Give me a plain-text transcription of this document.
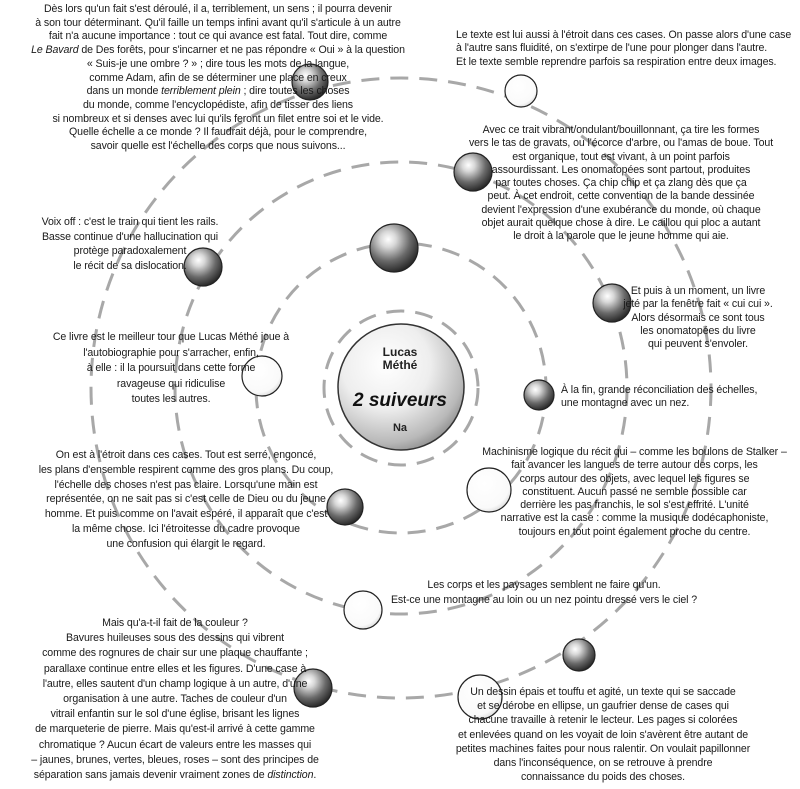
Lucas
Méthé
2 suiveurs
Na
Dès lors qu'un fait s'est déroulé, il a, terriblement, un sens ; il pourra devenir
à son tour déterminant. Qu'il faille un temps infini avant qu'il s'articule à un autre
fait n'a aucune importance : tout ce qui avance est fatal. Tout dire, comme
Le Bavard de Des forêts, pour s'incarner et ne pas répondre « Oui » à la question
« Suis-je une ombre ? » ; dire tous les mots de la langue,
comme Adam, afin de se déterminer une place en creux
dans un monde terriblement plein ; dire toutes les choses
du monde, comme l'encyclopédiste, afin de tisser des liens
si nombreux et si denses avec lui qu'ils feront un filet entre soi et le vide.
Quelle échelle a ce monde ? Il faudrait déjà, pour le comprendre,
savoir quelle est l'échelle des corps que nous suivons...
Le texte est lui aussi à l'étroit dans ces cases. On passe alors d'une case
à l'autre sans fluidité, on s'extirpe de l'une pour plonger dans l'autre.
Et le texte semble reprendre parfois sa respiration entre deux images.
Avec ce trait vibrant/ondulant/bouillonnant, ça tire les formes
vers le tas de gravats, ou l'écorce d'arbre, ou l'amas de boue. Tout
est organique, tout est vivant, à un point parfois
assourdissant. Les onomatopées sont partout, produites
par toutes choses. Ça chip chip et ça zlang dès que ça
peut. À cet endroit, cette convention de la bande dessinée
devient l'expression d'une exubérance du monde, où chaque
objet aurait quelque chose à dire. Le caillou qui ploc a autant
le droit à la parole que le jeune homme qui aie.
Voix off : c'est le train qui tient les rails.
Basse continue d'une hallucination qui
protège paradoxalement
le récit de sa dislocation.
Et puis à un moment, un livre
jeté par la fenêtre fait « cui cui ».
Alors désormais ce sont tous
les onomatopées du livre
qui peuvent s'envoler.
Ce livre est le meilleur tour que Lucas Méthé joue à
l'autobiographie pour s'arracher, enfin,
à elle : il la poursuit dans cette forme
ravageuse qui ridiculise
toutes les autres.
À la fin, grande réconciliation des échelles,
une montagne avec un nez.
On est à l'étroit dans ces cases. Tout est serré, engoncé,
les plans d'ensemble respirent comme des gros plans. Du coup,
l'échelle des choses n'est pas claire. Lorsqu'une main est
représentée, on ne sait pas si c'est celle de Dieu ou du jeune
homme. Et puis comme on l'avait espéré, il apparaît que c'est
la même chose. Ici l'étroitesse du cadre provoque
une confusion qui élargit le regard.
Machinisme logique du récit qui – comme les boulons de Stalker –
fait avancer les langues de terre autour des corps, les
corps autour des objets, avec lequel les figures se
constituent. Aucun passé ne semble possible car
derrière les pas franchis, le sol s'est effrité. L'unité
narrative est la case : comme la musique dodécaphoniste,
toujours en tout point également proche du centre.
Les corps et les paysages semblent ne faire qu'un.
Est-ce une montagne au loin ou un nez pointu dressé vers le ciel ?
Mais qu'a-t-il fait de la couleur ?
Bavures huileuses sous des dessins qui vibrent
comme des rognures de chair sur une plaque chauffante ;
parallaxe continue entre elles et les figures. D'une case à
l'autre, elles sautent d'un champ logique à un autre, d'une
organisation à une autre. Taches de couleur d'un
vitrail enfantin sur le sol d'une église, brisant les lignes
de marqueterie de pierre. Mais qu'est-il arrivé à cette gamme
chromatique ? Aucun écart de valeurs entre les masses qui
– jaunes, brunes, vertes, bleues, roses – sont des principes de
séparation sans jamais devenir vraiment zones de distinction.
Un dessin épais et touffu et agité, un texte qui se saccade
et se dérobe en ellipse, un gaufrier dense de cases qui
chacune travaille à retenir le lecteur. Les pages si colorées
et enlevées quand on les voyait de loin s'avèrent être autant de
petites machines faites pour nous ralentir. On voulait papillonner
dans l'inconséquence, on se retrouve à prendre
connaissance du poids des choses.
